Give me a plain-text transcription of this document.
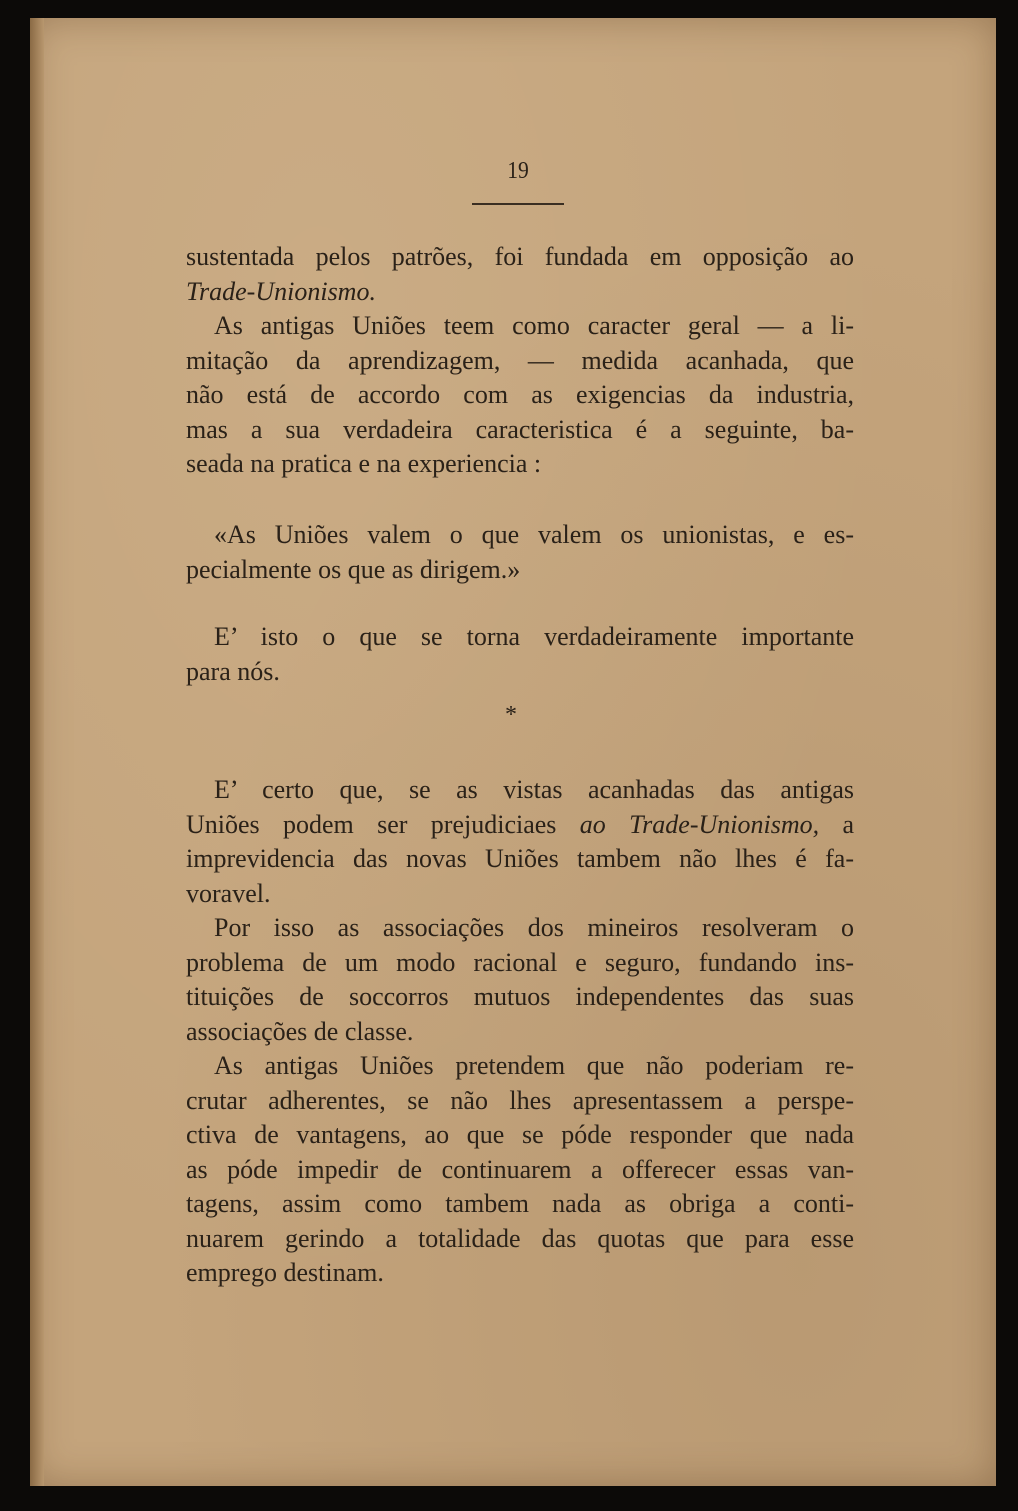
19
sustentada pelos patrões, foi fundada em opposição ao
Trade-Unionismo.
As antigas Uniões teem como caracter geral — a li-
mitação da aprendizagem, — medida acanhada, que
não está de accordo com as exigencias da industria,
mas a sua verdadeira caracteristica é a seguinte, ba-
seada na pratica e na experiencia :
«As Uniões valem o que valem os unionistas, e es-
pecialmente os que as dirigem.»
E’ isto o que se torna verdadeiramente importante
para nós.
*
E’ certo que, se as vistas acanhadas das antigas
Uniões podem ser prejudiciaes ao Trade-Unionismo, a
imprevidencia das novas Uniões tambem não lhes é fa-
voravel.
Por isso as associações dos mineiros resolveram o
problema de um modo racional e seguro, fundando ins-
tituições de soccorros mutuos independentes das suas
associações de classe.
As antigas Uniões pretendem que não poderiam re-
crutar adherentes, se não lhes apresentassem a perspe-
ctiva de vantagens, ao que se póde responder que nada
as póde impedir de continuarem a offerecer essas van-
tagens, assim como tambem nada as obriga a conti-
nuarem gerindo a totalidade das quotas que para esse
emprego destinam.
